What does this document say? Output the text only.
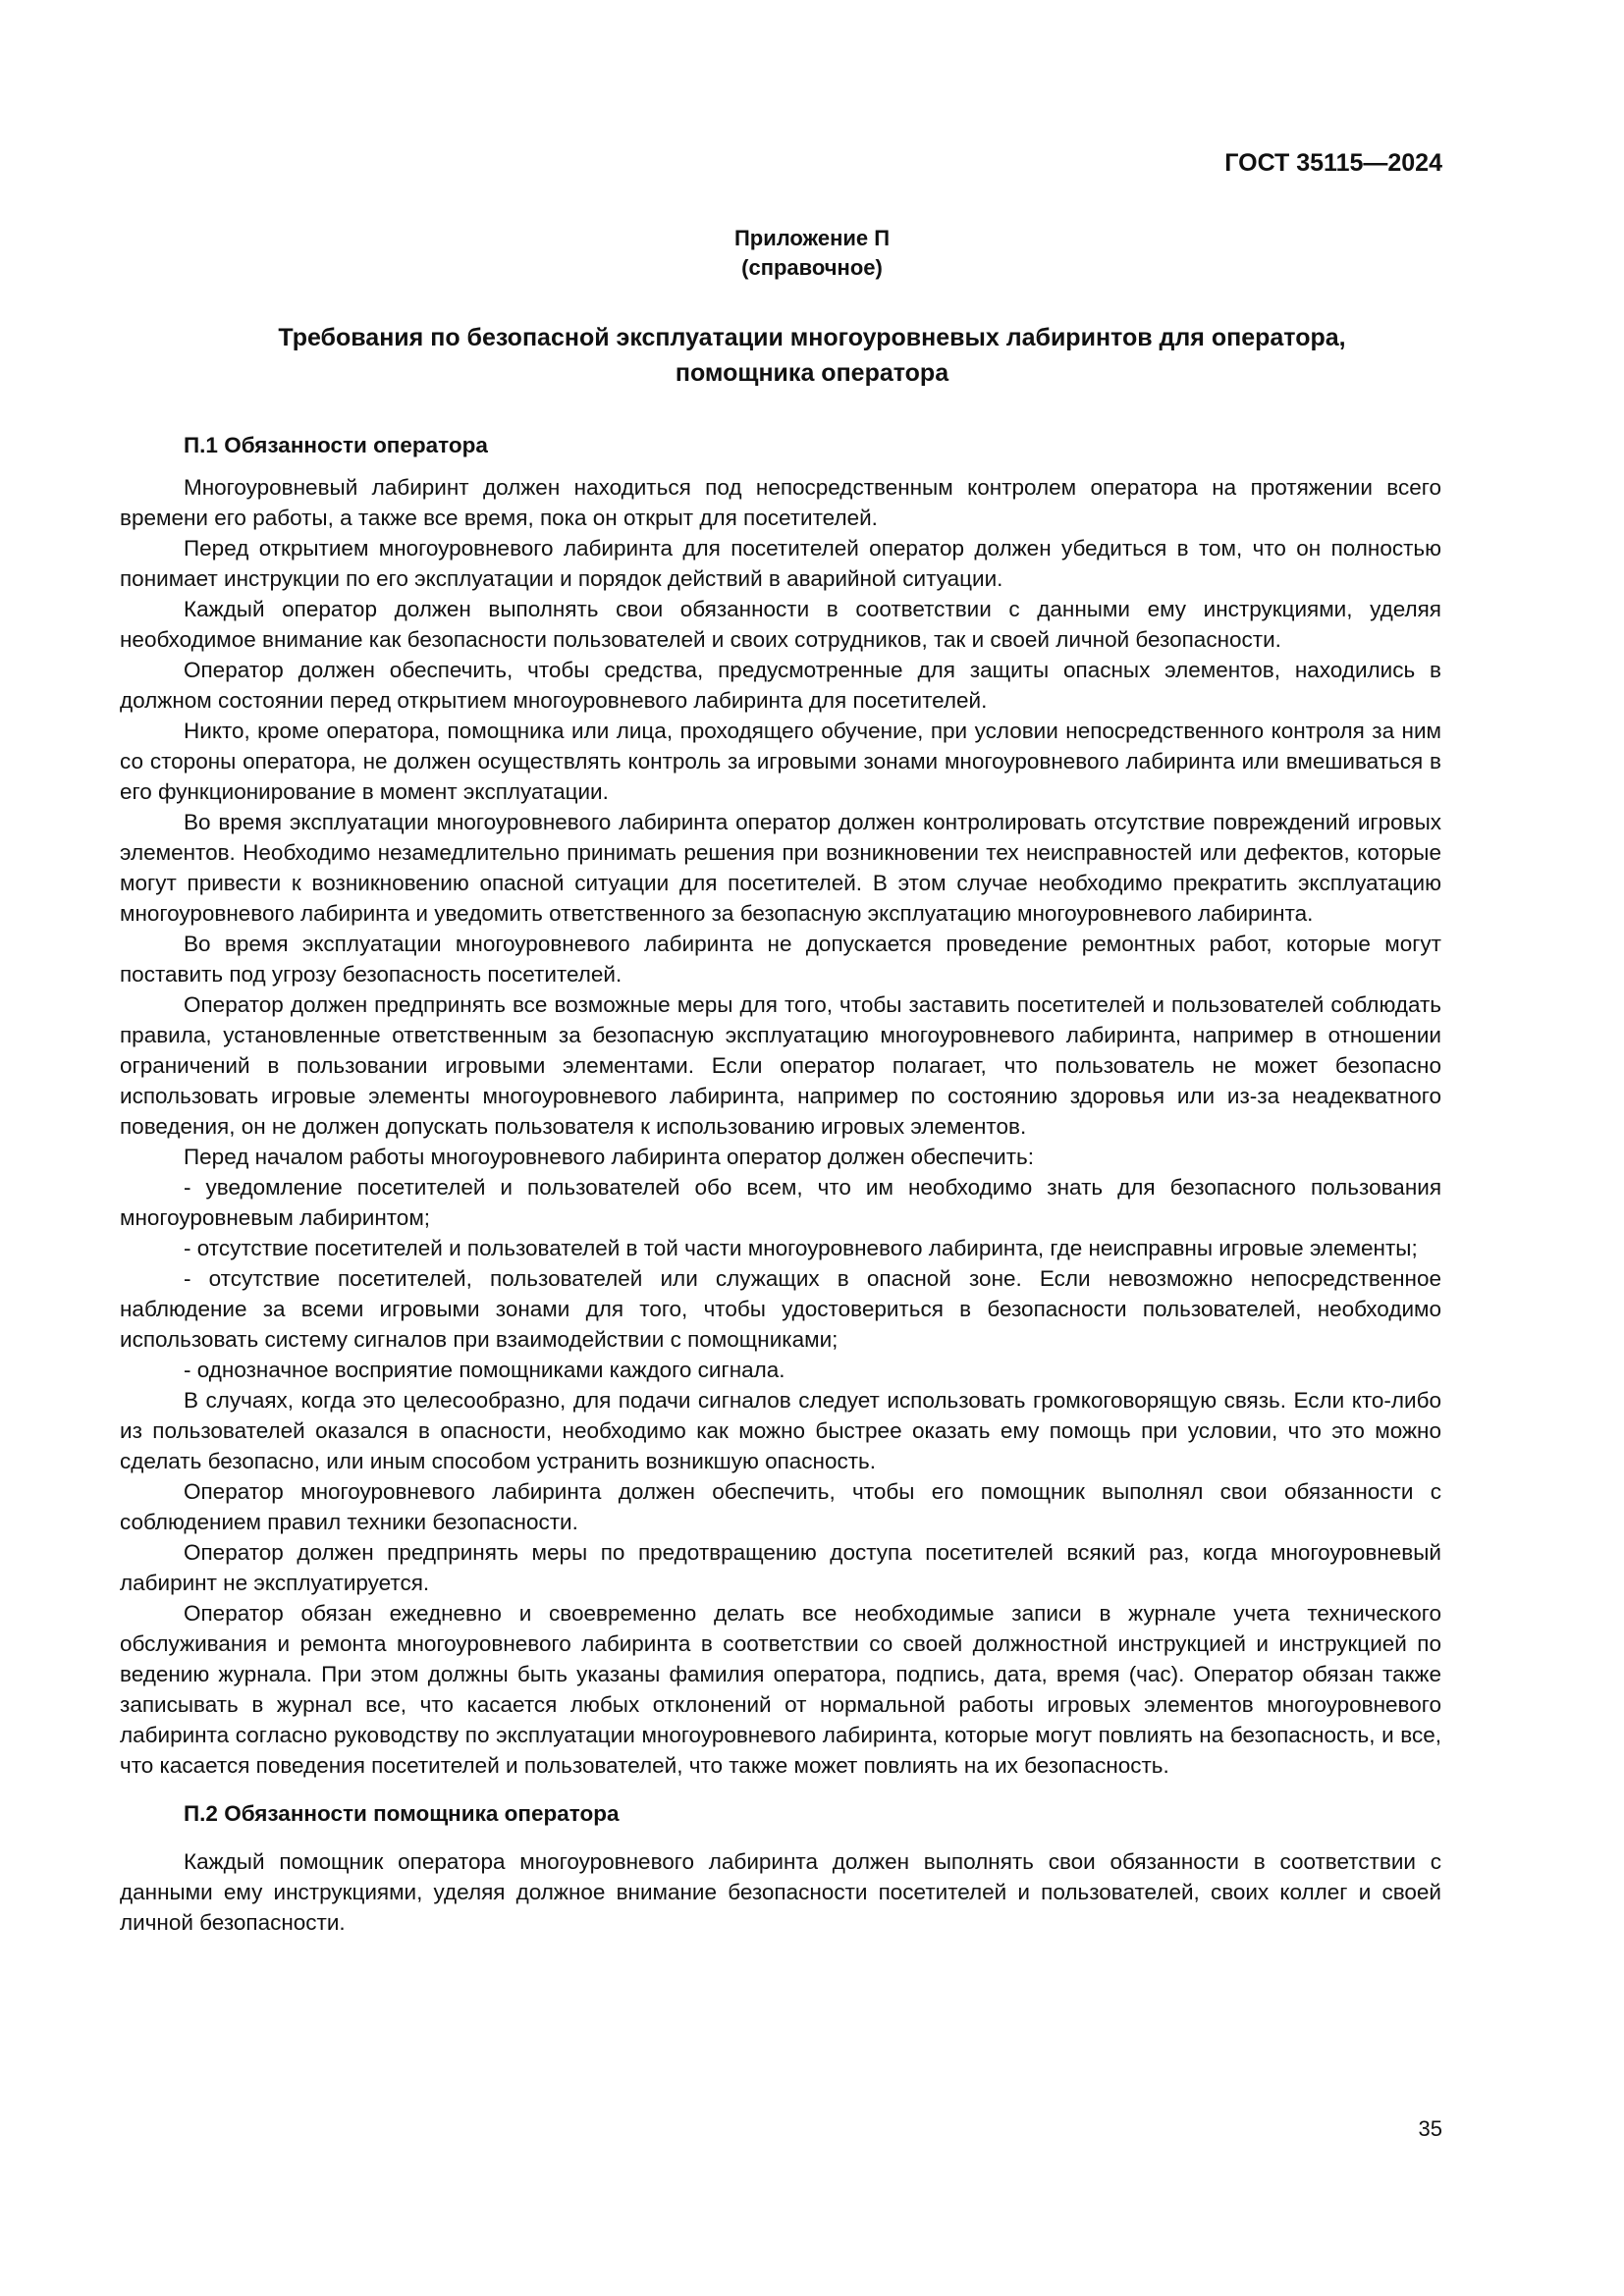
ГОСТ 35115—2024
Приложение П
(справочное)
Требования по безопасной эксплуатации многоуровневых лабиринтов для оператора,
помощника оператора
П.1 Обязанности оператора

Многоуровневый лабиринт должен находиться под непосредственным контролем оператора на протяжении всего времени его работы, а также все время, пока он открыт для посетителей.

Перед открытием многоуровневого лабиринта для посетителей оператор должен убедиться в том, что он полностью понимает инструкции по его эксплуатации и порядок действий в аварийной ситуации.

Каждый оператор должен выполнять свои обязанности в соответствии с данными ему инструкциями, уделяя необходимое внимание как безопасности пользователей и своих сотрудников, так и своей личной безопасности.

Оператор должен обеспечить, чтобы средства, предусмотренные для защиты опасных элементов, находились в должном состоянии перед открытием многоуровневого лабиринта для посетителей.

Никто, кроме оператора, помощника или лица, проходящего обучение, при условии непосредственного контроля за ним со стороны оператора, не должен осуществлять контроль за игровыми зонами многоуровневого лабиринта или вмешиваться в его функционирование в момент эксплуатации.

Во время эксплуатации многоуровневого лабиринта оператор должен контролировать отсутствие повреждений игровых элементов. Необходимо незамедлительно принимать решения при возникновении тех неисправностей или дефектов, которые могут привести к возникновению опасной ситуации для посетителей. В этом случае необходимо прекратить эксплуатацию многоуровневого лабиринта и уведомить ответственного за безопасную эксплуатацию многоуровневого лабиринта.

Во время эксплуатации многоуровневого лабиринта не допускается проведение ремонтных работ, которые могут поставить под угрозу безопасность посетителей.

Оператор должен предпринять все возможные меры для того, чтобы заставить посетителей и пользователей соблюдать правила, установленные ответственным за безопасную эксплуатацию многоуровневого лабиринта, например в отношении ограничений в пользовании игровыми элементами. Если оператор полагает, что пользователь не может безопасно использовать игровые элементы многоуровневого лабиринта, например по состоянию здоровья или из-за неадекватного поведения, он не должен допускать пользователя к использованию игровых элементов.

Перед началом работы многоуровневого лабиринта оператор должен обеспечить:

- уведомление посетителей и пользователей обо всем, что им необходимо знать для безопасного пользования многоуровневым лабиринтом;

- отсутствие посетителей и пользователей в той части многоуровневого лабиринта, где неисправны игровые элементы;

- отсутствие посетителей, пользователей или служащих в опасной зоне. Если невозможно непосредственное наблюдение за всеми игровыми зонами для того, чтобы удостовериться в безопасности пользователей, необходимо использовать систему сигналов при взаимодействии с помощниками;

- однозначное восприятие помощниками каждого сигнала.

В случаях, когда это целесообразно, для подачи сигналов следует использовать громкоговорящую связь. Если кто-либо из пользователей оказался в опасности, необходимо как можно быстрее оказать ему помощь при условии, что это можно сделать безопасно, или иным способом устранить возникшую опасность.

Оператор многоуровневого лабиринта должен обеспечить, чтобы его помощник выполнял свои обязанности с соблюдением правил техники безопасности.

Оператор должен предпринять меры по предотвращению доступа посетителей всякий раз, когда многоуровневый лабиринт не эксплуатируется.

Оператор обязан ежедневно и своевременно делать все необходимые записи в журнале учета технического обслуживания и ремонта многоуровневого лабиринта в соответствии со своей должностной инструкцией и инструкцией по ведению журнала. При этом должны быть указаны фамилия оператора, подпись, дата, время (час). Оператор обязан также записывать в журнал все, что касается любых отклонений от нормальной работы игровых элементов многоуровневого лабиринта согласно руководству по эксплуатации многоуровневого лабиринта, которые могут повлиять на безопасность, и все, что касается поведения посетителей и пользователей, что также может повлиять на их безопасность.

П.2 Обязанности помощника оператора

Каждый помощник оператора многоуровневого лабиринта должен выполнять свои обязанности в соответствии с данными ему инструкциями, уделяя должное внимание безопасности посетителей и пользователей, своих коллег и своей личной безопасности.

35
